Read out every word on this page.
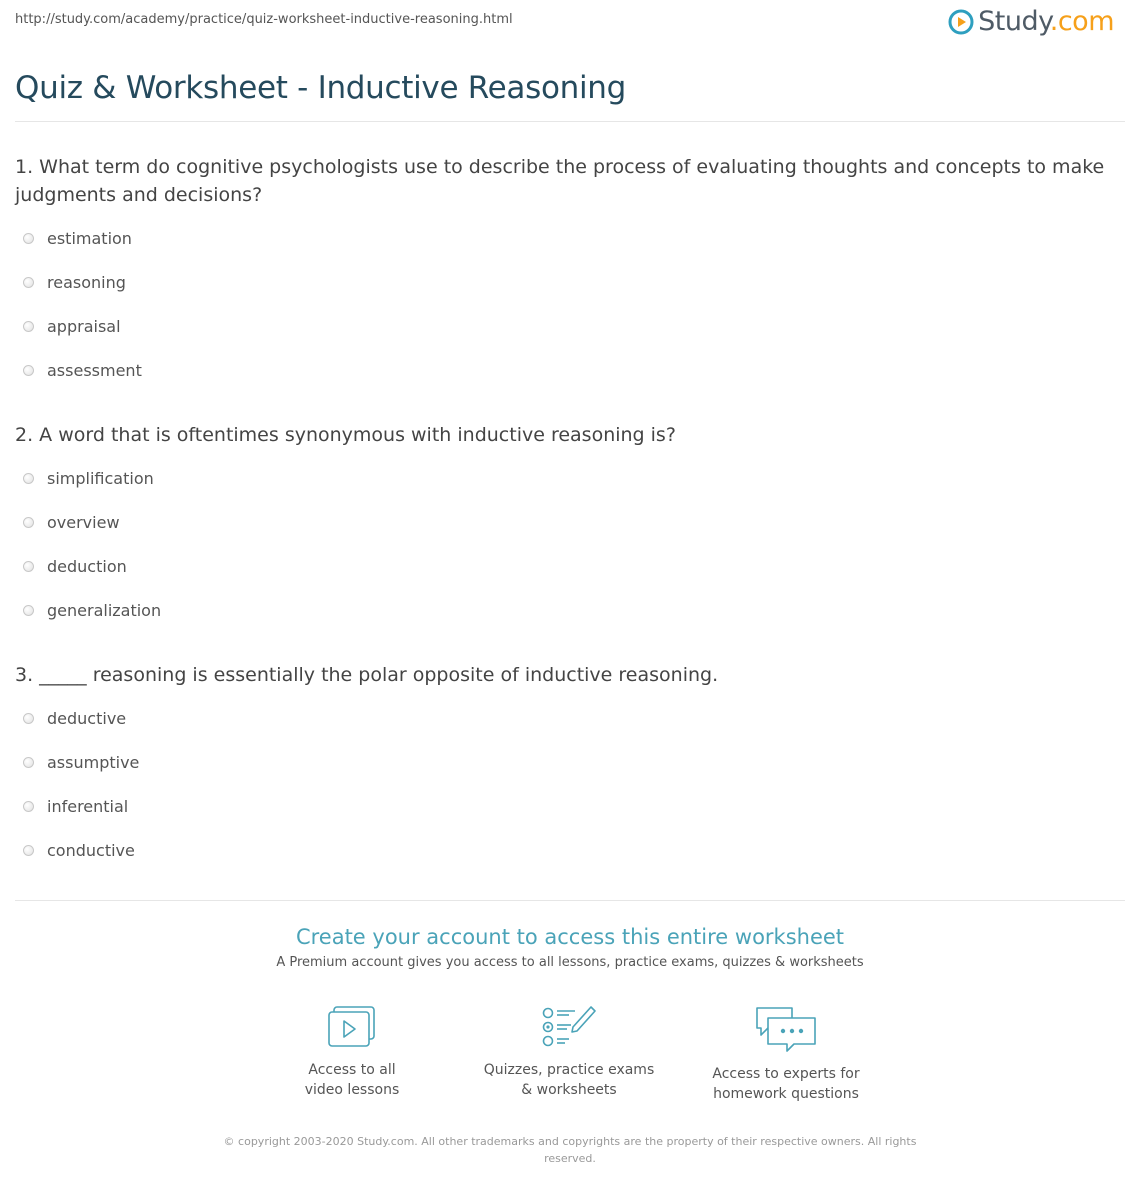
http://study.com/academy/practice/quiz-worksheet-inductive-reasoning.html	Study.com
Quiz & Worksheet - Inductive Reasoning
1. What term do cognitive psychologists use to describe the process of evaluating thoughts and concepts to make judgments and decisions?
estimation
reasoning
appraisal
assessment
2. A word that is oftentimes synonymous with inductive reasoning is?
simplification
overview
deduction
generalization
3. _____ reasoning is essentially the polar opposite of inductive reasoning.
deductive
assumptive
inferential
conductive
Create your account to access this entire worksheet
A Premium account gives you access to all lessons, practice exams, quizzes & worksheets
Access to all
video lessons
Quizzes, practice exams
& worksheets
Access to experts for
homework questions
© copyright 2003-2020 Study.com. All other trademarks and copyrights are the property of their respective owners. All rights reserved.
